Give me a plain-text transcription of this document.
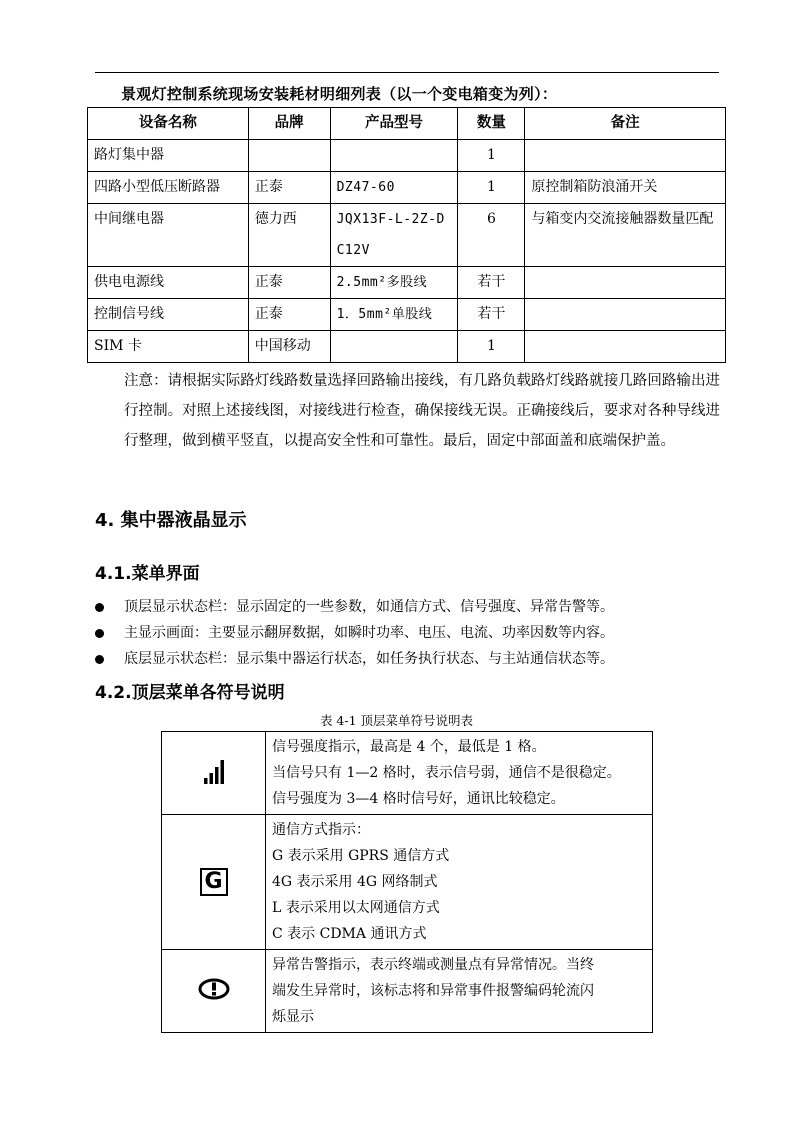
景观灯控制系统现场安装耗材明细列表（以一个变电箱变为列）：
设备名称	品牌	产品型号	数量	备注
路灯集中器			1	
四路小型低压断路器	正泰	DZ47-60	1	原控制箱防浪涌开关
中间继电器	德力西	JQX13F-L-2Z-DC12V	6	与箱变内交流接触器数量匹配
供电电源线	正泰	2.5mm²多股线	若干	
控制信号线	正泰	1．5mm²单股线	若干	
SIM 卡	中国移动		1	

注意：请根据实际路灯线路数量选择回路输出接线，有几路负载路灯线路就接几路回路输出进行控制。对照上述接线图，对接线进行检查，确保接线无误。正确接线后，要求对各种导线进行整理，做到横平竖直，以提高安全性和可靠性。最后，固定中部面盖和底端保护盖。

4. 集中器液晶显示
4.1.菜单界面
顶层显示状态栏：显示固定的一些参数，如通信方式、信号强度、异常告警等。
主显示画面：主要显示翻屏数据，如瞬时功率、电压、电流、功率因数等内容。
底层显示状态栏：显示集中器运行状态，如任务执行状态、与主站通信状态等。
4.2.顶层菜单各符号说明
表 4-1 顶层菜单符号说明表

信号强度指示，最高是 4 个，最低是 1 格。
当信号只有 1—2 格时，表示信号弱，通信不是很稳定。
信号强度为 3—4 格时信号好，通讯比较稳定。

G	通信方式指示：
G 表示采用 GPRS 通信方式
4G 表示采用 4G 网络制式
L 表示采用以太网通信方式
C 表示 CDMA 通讯方式

异常告警指示，表示终端或测量点有异常情况。当终
端发生异常时，该标志将和异常事件报警编码轮流闪
烁显示
